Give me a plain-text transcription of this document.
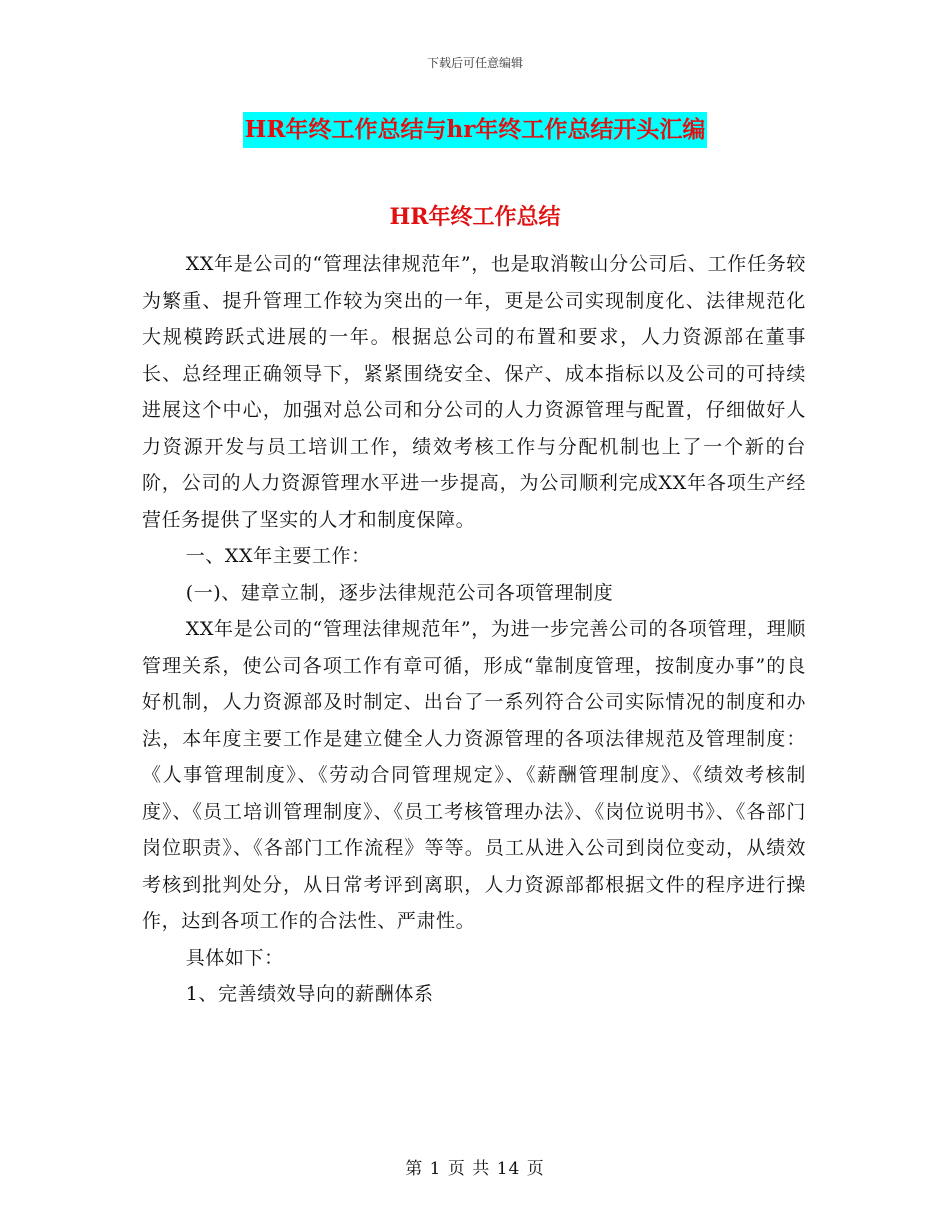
下载后可任意编辑
HR年终工作总结与hr年终工作总结开头汇编
HR年终工作总结

XX年是公司的“管理法律规范年”，也是取消鞍山分公司后、工作任务较为繁重、提升管理工作较为突出的一年，更是公司实现制度化、法律规范化大规模跨跃式进展的一年。根据总公司的布置和要求，人力资源部在董事长、总经理正确领导下，紧紧围绕安全、保产、成本指标以及公司的可持续进展这个中心，加强对总公司和分公司的人力资源管理与配置，仔细做好人力资源开发与员工培训工作，绩效考核工作与分配机制也上了一个新的台阶，公司的人力资源管理水平进一步提高，为公司顺利完成XX年各项生产经营任务提供了坚实的人才和制度保障。

一、XX年主要工作：

(一)、建章立制，逐步法律规范公司各项管理制度

XX年是公司的“管理法律规范年”，为进一步完善公司的各项管理，理顺管理关系，使公司各项工作有章可循，形成“靠制度管理，按制度办事”的良好机制，人力资源部及时制定、出台了一系列符合公司实际情况的制度和办法，本年度主要工作是建立健全人力资源管理的各项法律规范及管理制度：《人事管理制度》、《劳动合同管理规定》、《薪酬管理制度》、《绩效考核制度》、《员工培训管理制度》、《员工考核管理办法》、《岗位说明书》、《各部门岗位职责》、《各部门工作流程》等等。员工从进入公司到岗位变动，从绩效考核到批判处分，从日常考评到离职，人力资源部都根据文件的程序进行操作，达到各项工作的合法性、严肃性。

具体如下：

1、完善绩效导向的薪酬体系

第 1 页 共 14 页
